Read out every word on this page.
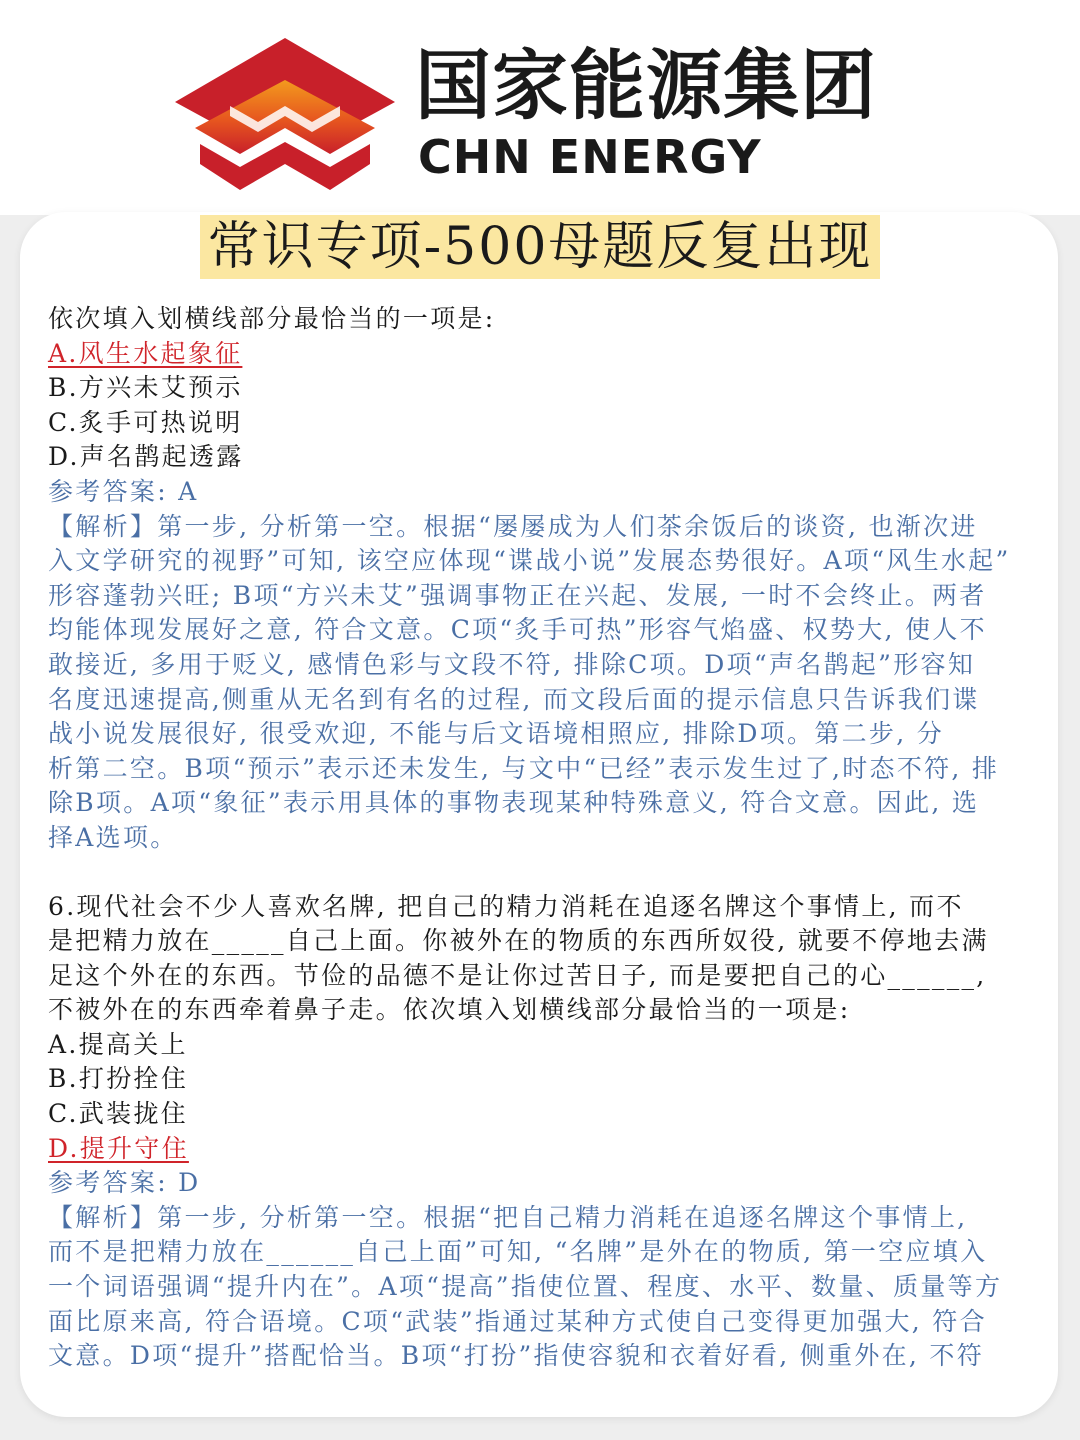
国家能源集团
CHN ENERGY
常识专项-500母题反复出现
依次填入划横线部分最恰当的一项是:
A.风生水起象征
B.方兴未艾预示
C.炙手可热说明
D.声名鹊起透露
参考答案: A
【解析】第一步, 分析第一空。根据“屡屡成为人们茶余饭后的谈资, 也渐次进
入文学研究的视野”可知, 该空应体现“谍战小说”发展态势很好。A项“风生水起”
形容蓬勃兴旺; B项“方兴未艾”强调事物正在兴起、发展, 一时不会终止。两者
均能体现发展好之意, 符合文意。C项“炙手可热”形容气焰盛、权势大, 使人不
敢接近, 多用于贬义, 感情色彩与文段不符, 排除C项。D项“声名鹊起”形容知
名度迅速提高,侧重从无名到有名的过程, 而文段后面的提示信息只告诉我们谍
战小说发展很好, 很受欢迎, 不能与后文语境相照应, 排除D项。第二步, 分
析第二空。B项“预示”表示还未发生, 与文中“已经”表示发生过了,时态不符, 排
除B项。A项“象征”表示用具体的事物表现某种特殊意义, 符合文意。因此, 选
择A选项。
6.现代社会不少人喜欢名牌, 把自己的精力消耗在追逐名牌这个事情上, 而不
是把精力放在_____自己上面。你被外在的物质的东西所奴役, 就要不停地去满
足这个外在的东西。节俭的品德不是让你过苦日子, 而是要把自己的心______,
不被外在的东西牵着鼻子走。依次填入划横线部分最恰当的一项是:
A.提高关上
B.打扮拴住
C.武装拢住
D.提升守住
参考答案: D
【解析】第一步, 分析第一空。根据“把自己精力消耗在追逐名牌这个事情上,
而不是把精力放在______自己上面”可知, “名牌”是外在的物质, 第一空应填入
一个词语强调“提升内在”。A项“提高”指使位置、程度、水平、数量、质量等方
面比原来高, 符合语境。C项“武装”指通过某种方式使自己变得更加强大, 符合
文意。D项“提升”搭配恰当。B项“打扮”指使容貌和衣着好看, 侧重外在, 不符
